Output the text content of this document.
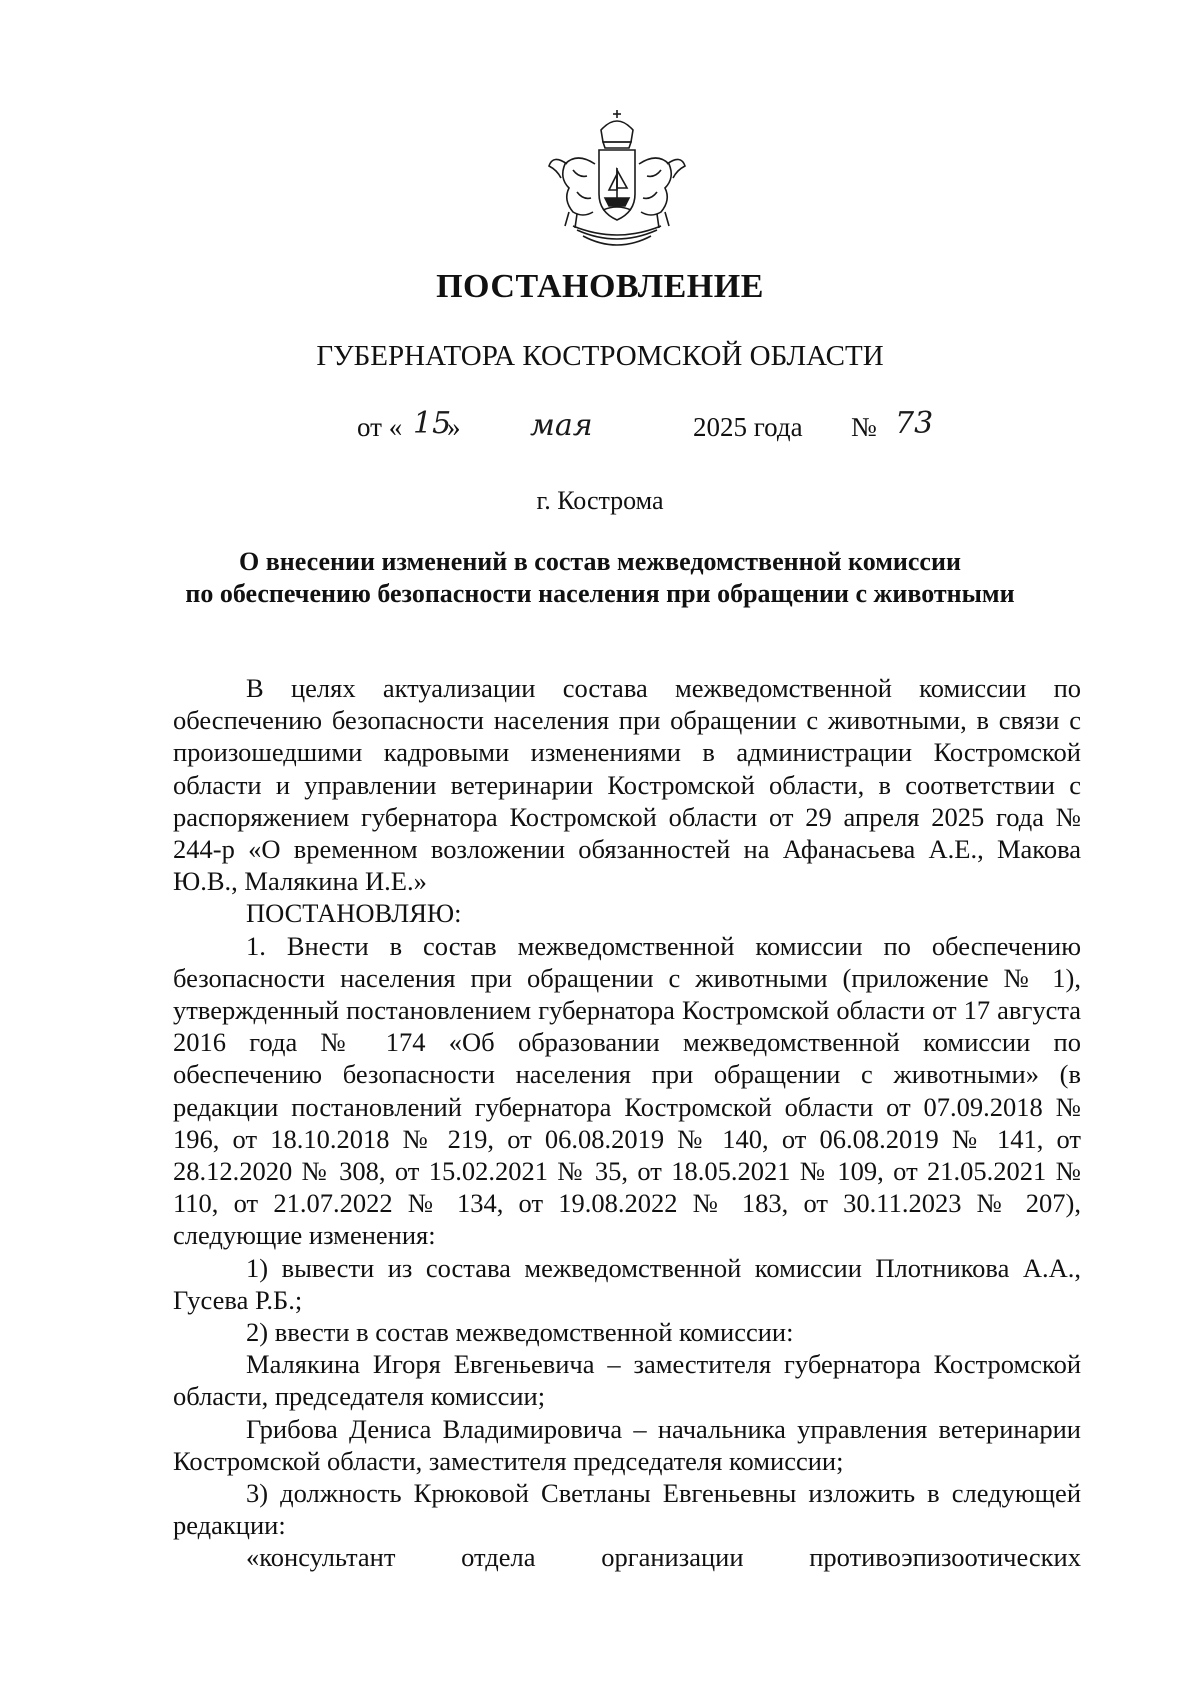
ПОСТАНОВЛЕНИЕ
ГУБЕРНАТОРА КОСТРОМСКОЙ ОБЛАСТИ
от « 15
» мая	2025 года № 73
г. Кострома
О внесении изменений в состав межведомственной комиссии
по обеспечению безопасности населения при обращении с животными

В целях актуализации состава межведомственной комиссии по обеспечению безопасности населения при обращении с животными, в связи с произошедшими кадровыми изменениями в администрации Костромской области и управлении ветеринарии Костромской области, в соответствии с распоряжением губернатора Костромской области от 29 апреля 2025 года № 244-р «О временном возложении обязанностей на Афанасьева А.Е., Макова Ю.В., Малякина И.Е.»

ПОСТАНОВЛЯЮ:

1. Внести в состав межведомственной комиссии по обеспечению безопасности населения при обращении с животными (приложение № 1), утвержденный постановлением губернатора Костромской области от 17 августа 2016 года № 174 «Об образовании межведомственной комиссии по обеспечению безопасности населения при обращении с животными» (в редакции постановлений губернатора Костромской области от 07.09.2018 № 196, от 18.10.2018 № 219, от 06.08.2019 № 140, от 06.08.2019 № 141, от 28.12.2020 № 308, от 15.02.2021 № 35, от 18.05.2021 № 109, от 21.05.2021 № 110, от 21.07.2022 № 134, от 19.08.2022 № 183, от 30.11.2023 № 207), следующие изменения:

1) вывести из состава межведомственной комиссии Плотникова А.А., Гусева Р.Б.;

2) ввести в состав межведомственной комиссии:

Малякина Игоря Евгеньевича – заместителя губернатора Костромской области, председателя комиссии;

Грибова Дениса Владимировича – начальника управления ветеринарии Костромской области, заместителя председателя комиссии;

3) должность Крюковой Светланы Евгеньевны изложить в следующей редакции:

«консультант отдела организации противоэпизоотических
